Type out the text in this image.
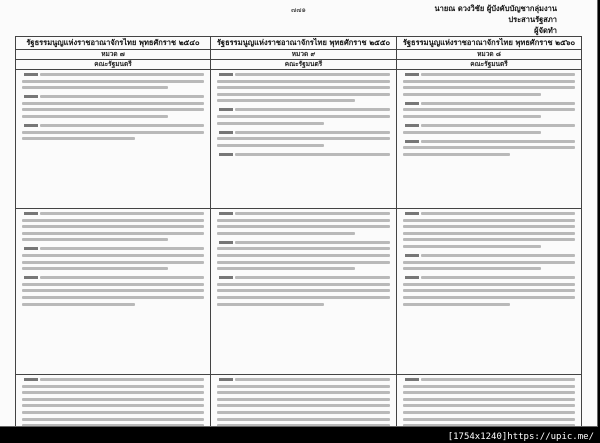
๗๗๑	นายณ ดวงวิชัย ผู้บังคับบัญชากลุ่มงานประสานรัฐสภา
ผู้จัดทำ
รัฐธรรมนูญแห่งราชอาณาจักรไทย พุทธศักราช ๒๕๔๐	รัฐธรรมนูญแห่งราชอาณาจักรไทย พุทธศักราช ๒๕๕๐	รัฐธรรมนูญแห่งราชอาณาจักรไทย พุทธศักราช ๒๕๖๐
หมวด ๗	หมวด ๙	หมวด ๘
คณะรัฐมนตรี	คณะรัฐมนตรี	คณะรัฐมนตรี

[1754x1240]https://upic.me/
